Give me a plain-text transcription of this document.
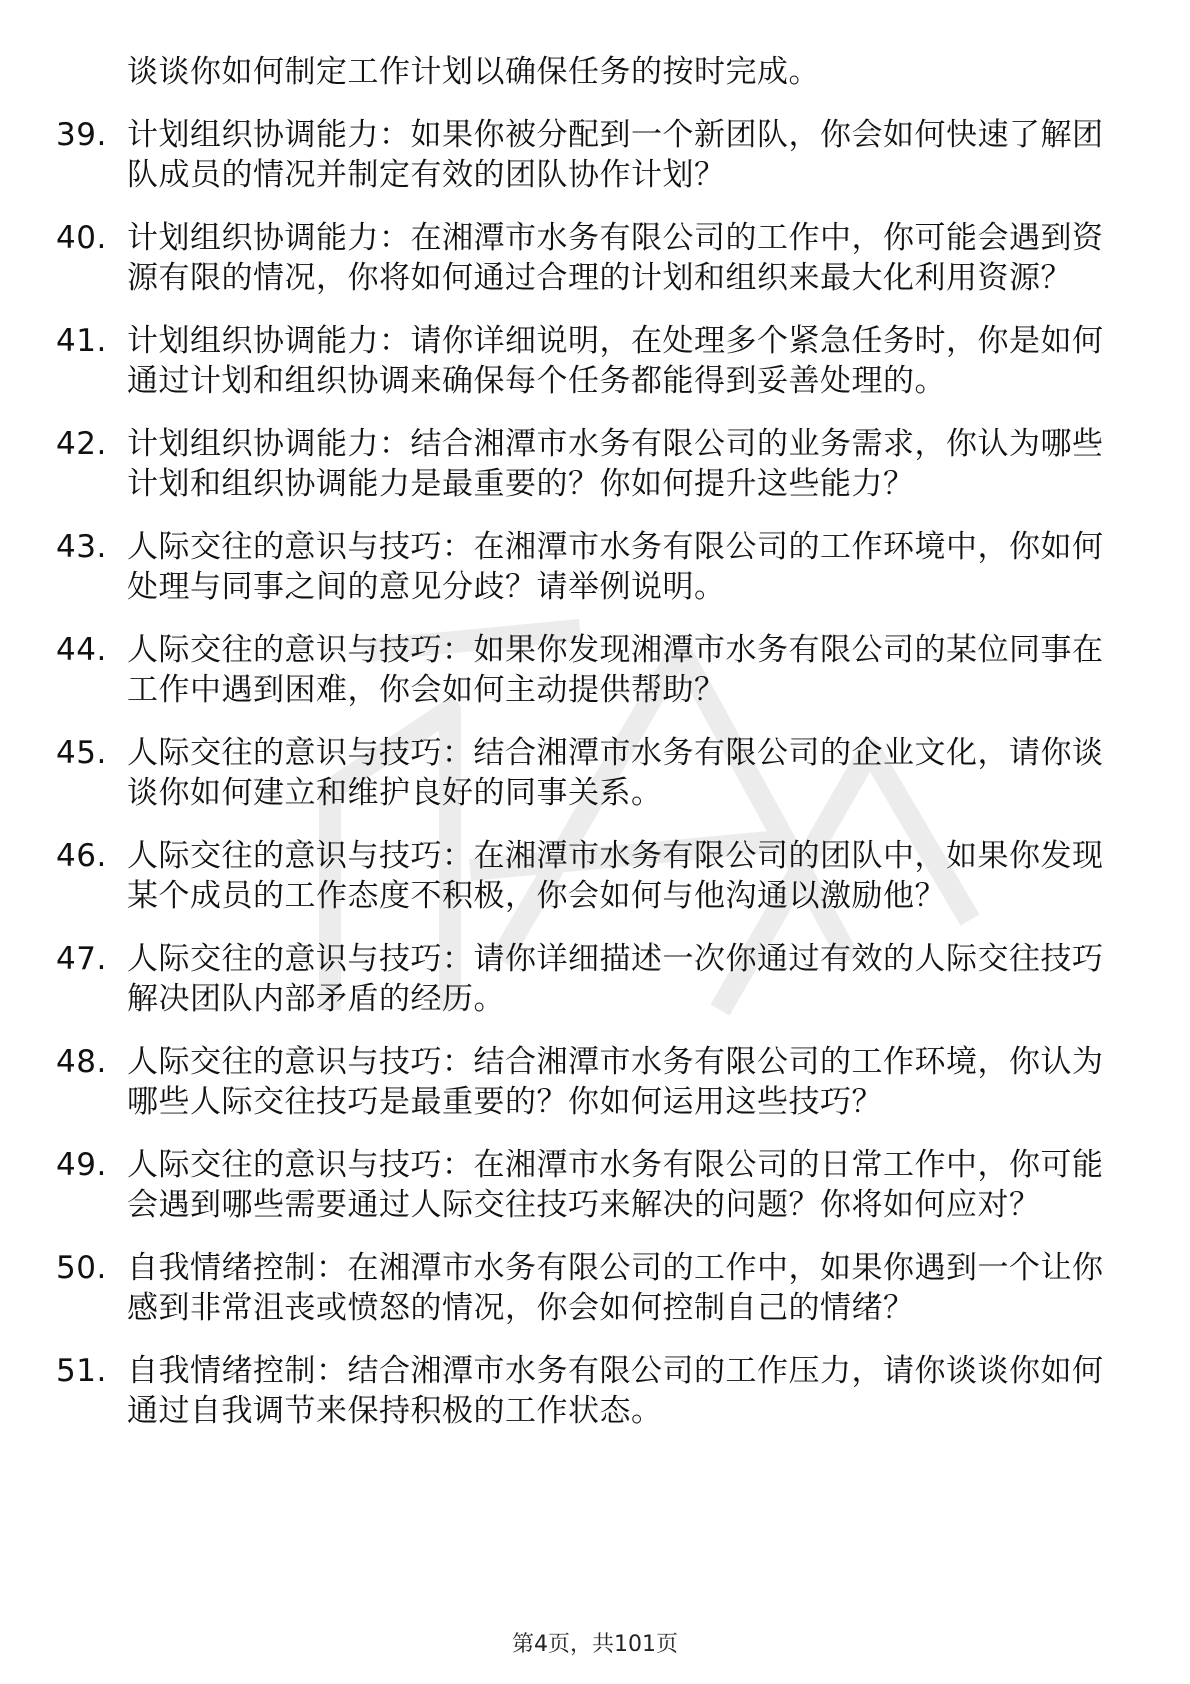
谈谈你如何制定工作计划以确保任务的按时完成。
39. 计划组织协调能力：如果你被分配到一个新团队，你会如何快速了解团队成员的情况并制定有效的团队协作计划？
40. 计划组织协调能力：在湘潭市水务有限公司的工作中，你可能会遇到资源有限的情况，你将如何通过合理的计划和组织来最大化利用资源？
41. 计划组织协调能力：请你详细说明，在处理多个紧急任务时，你是如何通过计划和组织协调来确保每个任务都能得到妥善处理的。
42. 计划组织协调能力：结合湘潭市水务有限公司的业务需求，你认为哪些计划和组织协调能力是最重要的？你如何提升这些能力？
43. 人际交往的意识与技巧：在湘潭市水务有限公司的工作环境中，你如何处理与同事之间的意见分歧？请举例说明。
44. 人际交往的意识与技巧：如果你发现湘潭市水务有限公司的某位同事在工作中遇到困难，你会如何主动提供帮助？
45. 人际交往的意识与技巧：结合湘潭市水务有限公司的企业文化，请你谈谈你如何建立和维护良好的同事关系。
46. 人际交往的意识与技巧：在湘潭市水务有限公司的团队中，如果你发现某个成员的工作态度不积极，你会如何与他沟通以激励他？
47. 人际交往的意识与技巧：请你详细描述一次你通过有效的人际交往技巧解决团队内部矛盾的经历。
48. 人际交往的意识与技巧：结合湘潭市水务有限公司的工作环境，你认为哪些人际交往技巧是最重要的？你如何运用这些技巧？
49. 人际交往的意识与技巧：在湘潭市水务有限公司的日常工作中，你可能会遇到哪些需要通过人际交往技巧来解决的问题？你将如何应对？
50. 自我情绪控制：在湘潭市水务有限公司的工作中，如果你遇到一个让你感到非常沮丧或愤怒的情况，你会如何控制自己的情绪？
51. 自我情绪控制：结合湘潭市水务有限公司的工作压力，请你谈谈你如何通过自我调节来保持积极的工作状态。
第4页，共101页
